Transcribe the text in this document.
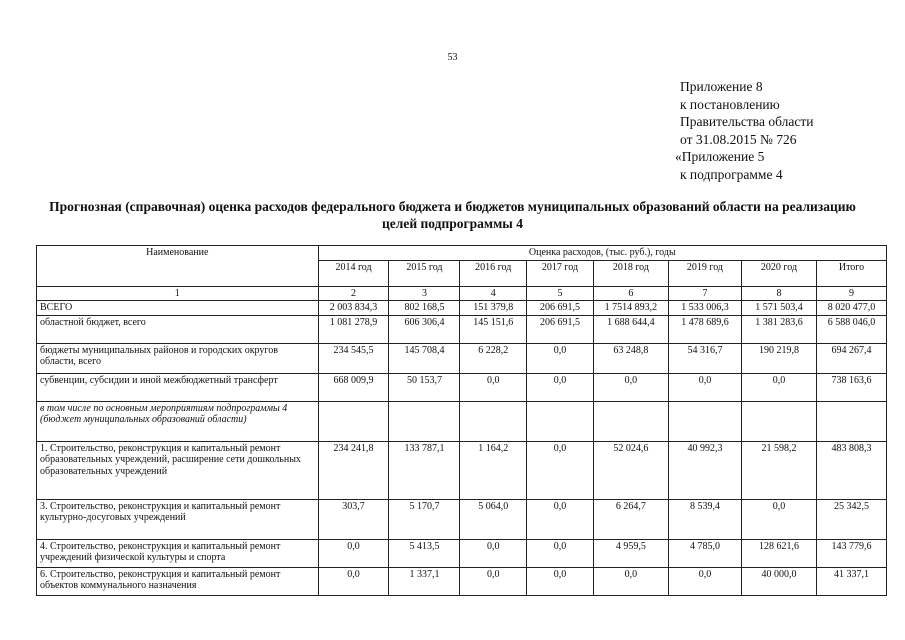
53
Приложение 8
к постановлению
Правительства области
от 31.08.2015 № 726
«Приложение 5
к подпрограмме 4
Прогнозная (справочная) оценка расходов федерального бюджета и бюджетов муниципальных образований области на реализацию целей подпрограммы 4
Наименование	Оценка расходов, (тыс. руб.), годы							
	2014 год	2015 год	2016 год	2017 год	2018 год	2019 год	2020 год	Итого
1	2	3	4	5	6	7	8	9
ВСЕГО	2 003 834,3	802 168,5	151 379,8	206 691,5	1 7514 893,2	1 533 006,3	1 571 503,4	8 020 477,0
областной бюджет, всего	1 081 278,9	606 306,4	145 151,6	206 691,5	1 688 644,4	1 478 689,6	1 381 283,6	6 588 046,0
бюджеты муниципальных районов и городских округов области, всего	234 545,5	145 708,4	6 228,2	0,0	63 248,8	54 316,7	190 219,8	694 267,4
субвенции, субсидии и иной межбюджетный трансферт	668 009,9	50 153,7	0,0	0,0	0,0	0,0	0,0	738 163,6
в том числе по основным мероприятиям подпрограммы 4 (бюджет муниципальных образований области)								
1. Строительство, реконструкция и капитальный ремонт образовательных учреждений, расширение сети дошкольных образовательных учреждений	234 241,8	133 787,1	1 164,2	0,0	52 024,6	40 992,3	21 598,2	483 808,3
3. Строительство, реконструкция и капитальный ремонт культурно-досуговых учреждений	303,7	5 170,7	5 064,0	0,0	6 264,7	8 539,4	0,0	25 342,5
4. Строительство, реконструкция и капитальный ремонт учреждений физической культуры и спорта	0,0	5 413,5	0,0	0,0	4 959,5	4 785,0	128 621,6	143 779,6
6. Строительство, реконструкция и капитальный ремонт объектов коммунального назначения	0,0	1 337,1	0,0	0,0	0,0	0,0	40 000,0	41 337,1
